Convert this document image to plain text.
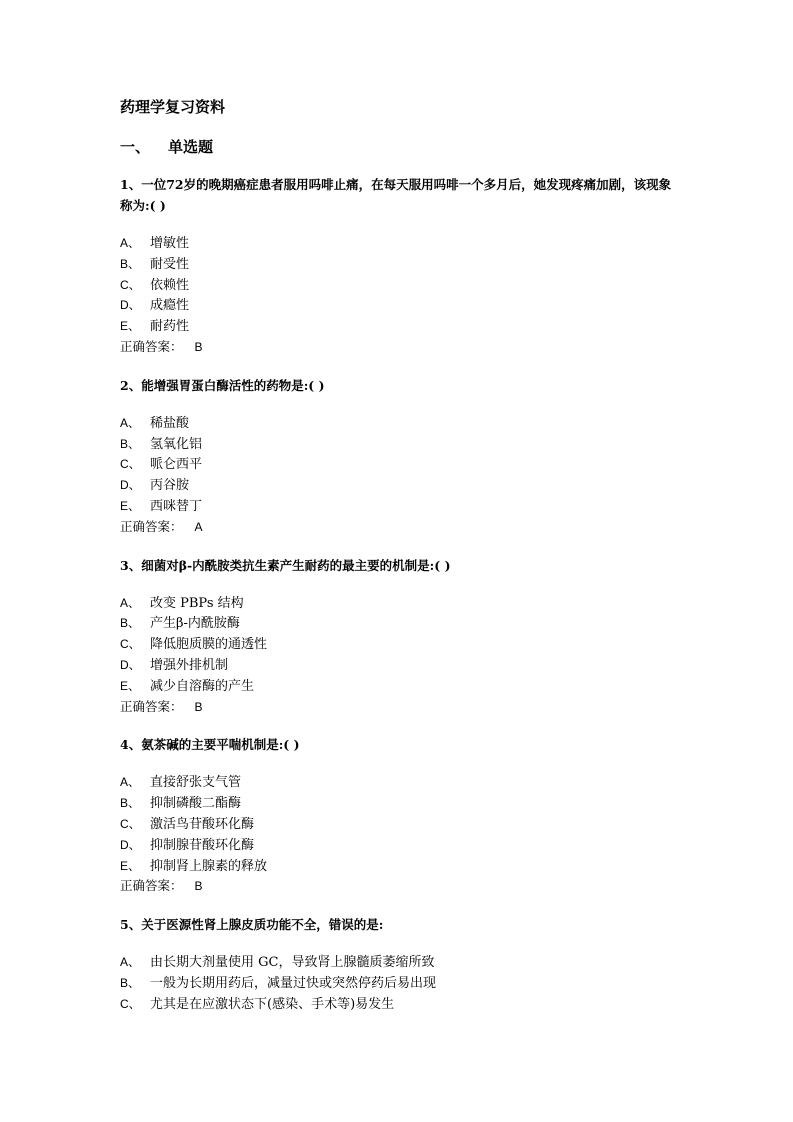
药理学复习资料
一、 单选题
1、一位72岁的晚期癌症患者服用吗啡止痛，在每天服用吗啡一个多月后，她发现疼痛加剧，该现象称为:( )
A、 增敏性
B、 耐受性
C、 依赖性
D、 成瘾性
E、 耐药性
正确答案： B
2、能增强胃蛋白酶活性的药物是:( )
A、 稀盐酸
B、 氢氧化铝
C、 哌仑西平
D、 丙谷胺
E、 西咪替丁
正确答案： A
3、细菌对β-内酰胺类抗生素产生耐药的最主要的机制是:( )
A、 改变 PBPs 结构
B、 产生β-内酰胺酶
C、 降低胞质膜的通透性
D、 增强外排机制
E、 减少自溶酶的产生
正确答案： B
4、氨茶碱的主要平喘机制是:( )
A、 直接舒张支气管
B、 抑制磷酸二酯酶
C、 激活鸟苷酸环化酶
D、 抑制腺苷酸环化酶
E、 抑制肾上腺素的释放
正确答案： B
5、关于医源性肾上腺皮质功能不全，错误的是:
A、 由长期大剂量使用 GC，导致肾上腺髓质萎缩所致
B、 一般为长期用药后，减量过快或突然停药后易出现
C、 尤其是在应激状态下(感染、手术等)易发生
